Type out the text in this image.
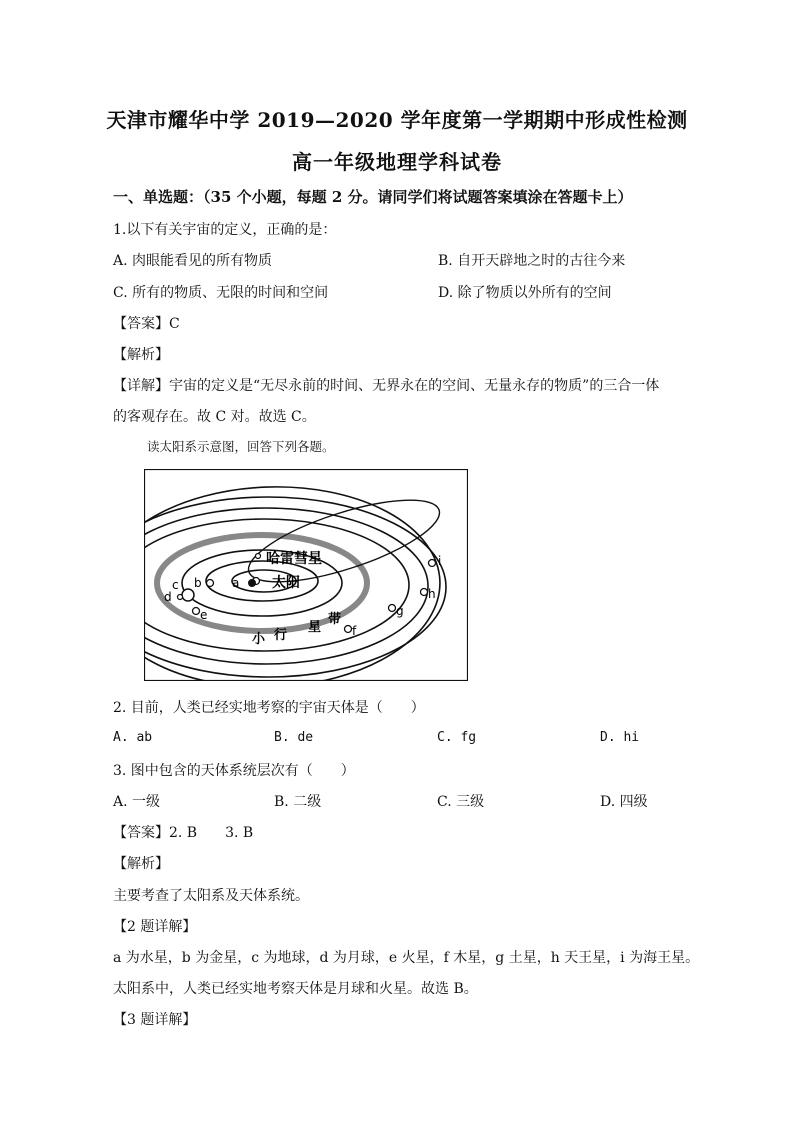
天津市耀华中学 2019—2020 学年度第一学期期中形成性检测
高一年级地理学科试卷
一、单选题：（35 个小题，每题 2 分。请同学们将试题答案填涂在答题卡上）
1.以下有关宇宙的定义，正确的是：
A. 肉眼能看见的所有物质	B. 自开天辟地之时的古往今来
C. 所有的物质、无限的时间和空间	D. 除了物质以外所有的空间
【答案】C
【解析】
【详解】宇宙的定义是“无尽永前的时间、无界永在的空间、无量永存的物质”的三合一体
的客观存在。故 C 对。故选 C。
读太阳系示意图，回答下列各题。
哈雷彗星
太阳
a
b
c
d
e
f
g
h
i
小 行
星
带
2. 目前，人类已经实地考察的宇宙天体是（　　）
A. ab	B. de	C. fg	D. hi
3. 图中包含的天体系统层次有（　　）
A. 一级	B. 二级	C. 三级	D. 四级
【答案】2. B　　3. B
【解析】
主要考查了太阳系及天体系统。
【2 题详解】
a 为水星，b 为金星，c 为地球，d 为月球，e 火星，f 木星，g 土星，h 天王星，i 为海王星。
太阳系中，人类已经实地考察天体是月球和火星。故选 B。
【3 题详解】
